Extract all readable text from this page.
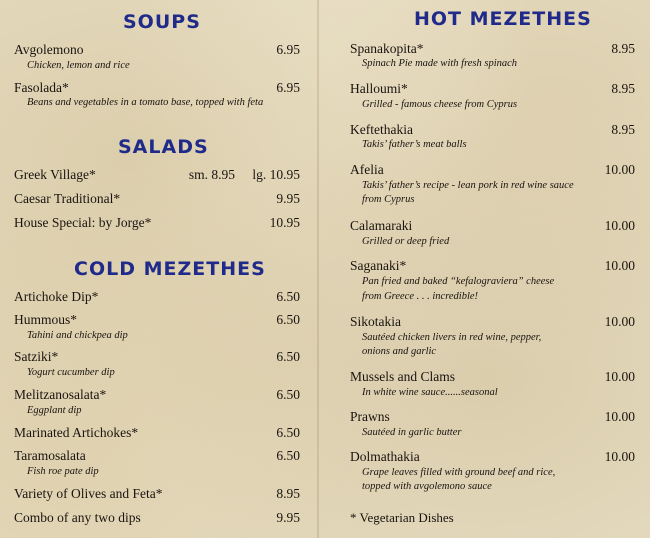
SOUPS
Avgolemono	6.95
Chicken, lemon and rice
Fasolada*	6.95
Beans and vegetables in a tomato base, topped with feta
SALADS
Greek Village*	sm. 8.95	lg. 10.95
Caesar Traditional*	9.95
House Special: by Jorge*	10.95
COLD MEZETHES
Artichoke Dip*	6.50
Hummous*	6.50
Tahini and chickpea dip
Satziki*	6.50
Yogurt cucumber dip
Melitzanosalata*	6.50
Eggplant dip
Marinated Artichokes*	6.50
Taramosalata	6.50
Fish roe pate dip
Variety of Olives and Feta*	8.95
Combo of any two dips	9.95
HOT MEZETHES
Spanakopita*	8.95
Spinach Pie made with fresh spinach
Halloumi*	8.95
Grilled - famous cheese from Cyprus
Keftethakia	8.95
Takis’ father’s meat balls
Afelia	10.00
Takis’ father’s recipe - lean pork in red wine sauce
from Cyprus
Calamaraki	10.00
Grilled or deep fried
Saganaki*	10.00
Pan fried and baked “kefalograviera” cheese
from Greece . . . incredible!
Sikotakia	10.00
Sautéed chicken livers in red wine, pepper,
onions and garlic
Mussels and Clams	10.00
In white wine sauce......seasonal
Prawns	10.00
Sautéed in garlic butter
Dolmathakia	10.00
Grape leaves filled with ground beef and rice,
topped with avgolemono sauce
* Vegetarian Dishes
